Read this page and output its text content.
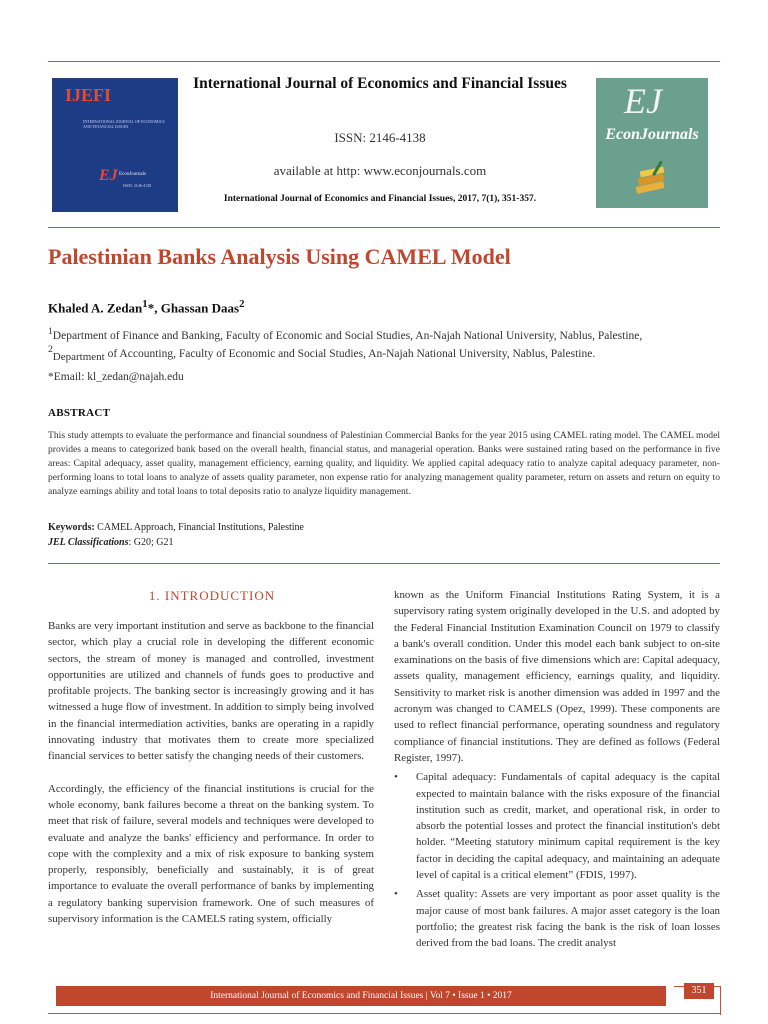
IJEFI
INTERNATIONAL JOURNAL OF ECONOMICS AND FINANCIAL ISSUES
EJ EconJournals
ISSN: 2146-4138
International Journal of Economics and Financial Issues
ISSN: 2146-4138
available at http: www.econjournals.com
International Journal of Economics and Financial Issues, 2017, 7(1), 351-357.
EJ
EconJournals
Palestinian Banks Analysis Using CAMEL Model
Khaled A. Zedan$^1$*, Ghassan Daas$^2$
$^1$Department of Finance and Banking, Faculty of Economic and Social Studies, An-Najah National University, Nablus, Palestine,
$^2$Department of Accounting, Faculty of Economic and Social Studies, An-Najah National University, Nablus, Palestine.
*Email: kl_zedan@najah.edu
ABSTRACT
This study attempts to evaluate the performance and financial soundness of Palestinian Commercial Banks for the year 2015 using CAMEL rating model. The CAMEL model provides a means to categorized bank based on the overall health, financial status, and managerial operation. Banks were sustained rating based on the performance in five areas: Capital adequacy, asset quality, management efficiency, earning quality, and liquidity. We applied capital adequacy ratio to analyze capital adequacy parameter, non-performing loans to total loans to analyze of assets quality parameter, non expense ratio for analyzing management quality parameter, return on assets and return on equity to analyze earnings ability and total loans to total deposits ratio to analyze liquidity management.
Keywords: CAMEL Approach, Financial Institutions, Palestine
JEL Classifications: G20; G21
1. INTRODUCTION

Banks are very important institution and serve as backbone to the financial sector, which play a crucial role in developing the different economic sectors, the stream of money is managed and controlled, investment opportunities are utilized and channels of funds goes to productive and profitable projects. The banking sector is increasingly growing and it has witnessed a huge flow of investment. In addition to simply being involved in the financial intermediation activities, banks are operating in a rapidly innovating industry that motivates them to create more specialized financial services to better satisfy the changing needs of their customers.

Accordingly, the efficiency of the financial institutions is crucial for the whole economy, bank failures become a threat on the banking system. To meet that risk of failure, several models and techniques were developed to evaluate and analyze the banks' efficiency and performance. In order to cope with the complexity and a mix of risk exposure to banking system properly, responsibly, beneficially and sustainably, it is of great importance to evaluate the overall performance of banks by implementing a regulatory banking supervision framework. One of such measures of supervisory information is the CAMELS rating system, officially

known as the Uniform Financial Institutions Rating System, it is a supervisory rating system originally developed in the U.S. and adopted by the Federal Financial Institution Examination Council on 1979 to classify a bank's overall condition. Under this model each bank subject to on-site examinations on the basis of five dimensions which are: Capital adequacy, assets quality, management efficiency, earnings quality, and liquidity. Sensitivity to market risk is another dimension was added in 1997 and the acronym was changed to CAMELS (Opez, 1999). These components are used to reflect financial performance, operating soundness and regulatory compliance of financial institutions. They are defined as follows (Federal Register, 1997).

• Capital adequacy: Fundamentals of capital adequacy is the capital expected to maintain balance with the risks exposure of the financial institution such as credit, market, and operational risk, in order to absorb the potential losses and protect the financial institution's debt holder. “Meeting statutory minimum capital requirement is the key factor in deciding the capital adequacy, and maintaining an adequate level of capital is a critical element” (FDIS, 1997).

• Asset quality: Assets are very important as poor asset quality is the major cause of most bank failures. A major asset category is the loan portfolio; the greatest risk facing the bank is the risk of loan losses derived from the bad loans. The credit analyst

International Journal of Economics and Financial Issues | Vol 7 • Issue 1 • 2017	351
